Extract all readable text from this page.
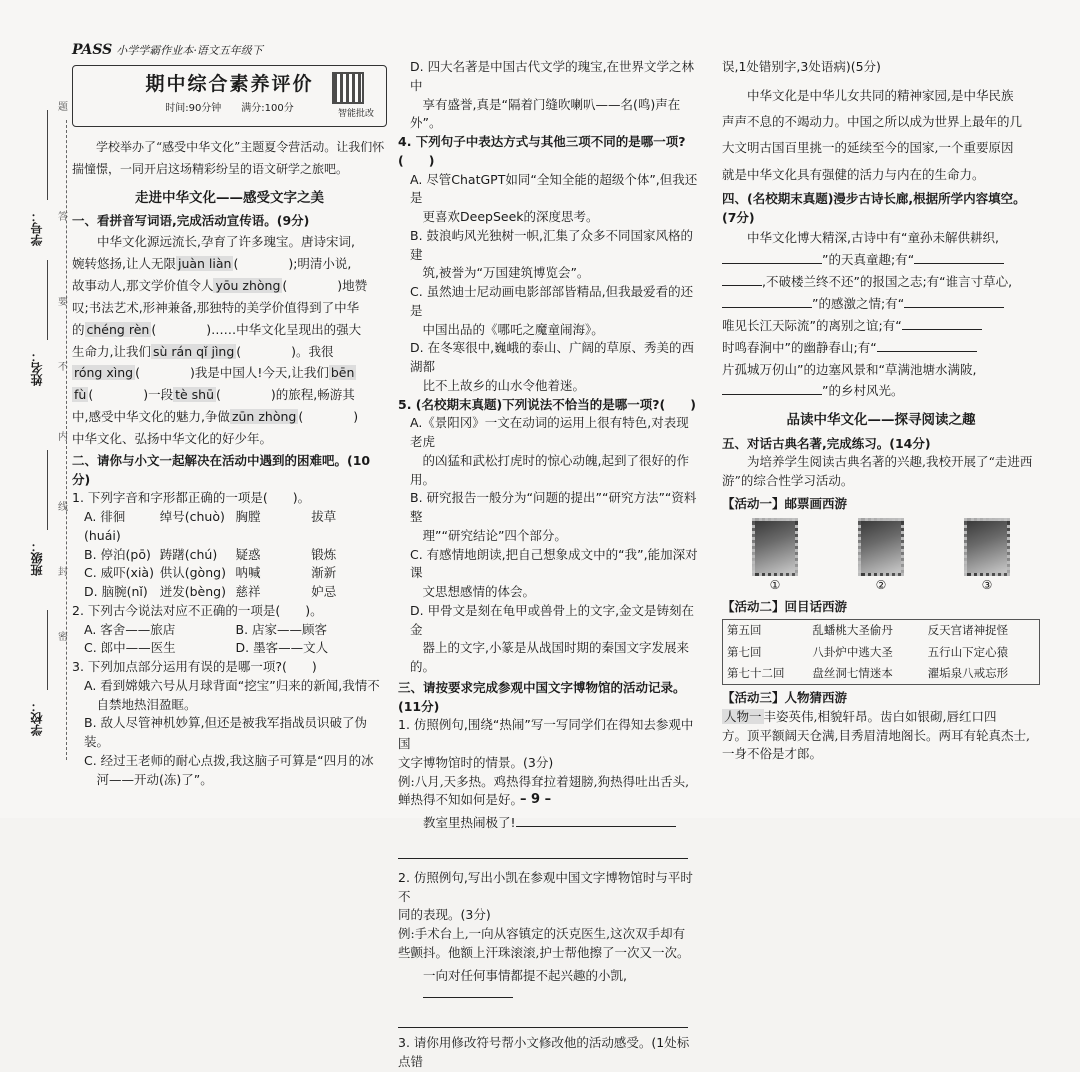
学校：
班级：
姓名：
学号：
题
答
要
不
内
线
封
密
PASS 小学学霸作业本·语文五年级下
期中综合素养评价
时间:90分钟　　满分:100分
智能批改

学校举办了“感受中华文化”主题夏令营活动。让我们怀揣憧憬，一同开启这场精彩纷呈的语文研学之旅吧。

走进中华文化——感受文字之美
一、看拼音写词语,完成活动宣传语。(9分)
中华文化源远流长,孕育了许多瑰宝。唐诗宋词,
婉转悠扬,让人无限 juàn liàn (　　　　);明清小说,
故事动人,那文学价值令人 yōu zhòng (　　　　)地赞
叹;书法艺术,形神兼备,那独特的美学价值得到了中华
的 chéng rèn (　　　　)……中华文化呈现出的强大
生命力,让我们 sù rán qǐ jìng (　　　　)。我很
róng xìng (　　　　)我是中国人!今天,让我们 bēn
fù (　　　　)一段 tè shū (　　　　)的旅程,畅游其
中,感受中华文化的魅力,争做 zūn zhòng (　　　　)
中华文化、弘扬中华文化的好少年。
二、请你与小文一起解决在活动中遇到的困难吧。(10分)
1. 下列字音和字形都正确的一项是(　　)。
A. 徘徊(huái)
绰号(chuò) 胸膛	拔草
B. 停泊(pō) 踌躇(chú)	疑惑	锻炼
C. 威吓(xià) 供认(gòng) 呐喊	渐新
D. 脑腕(nǐ) 迸发(bèng) 慈祥	妒忌
2. 下列古今说法对应不正确的一项是(　　)。
A. 客舍——旅店	B. 店家——顾客
C. 郎中——医生	D. 墨客——文人
3. 下列加点部分运用有误的是哪一项?(　　)
A. 看到嫦娥六号从月球背面“挖宝”归来的新闻,我情不
　自禁地热泪盈眶。
B. 敌人尽管神机妙算,但还是被我军指战员识破了伪装。
C. 经过王老师的耐心点拨,我这脑子可算是“四月的冰
　河——开动(冻)了”。
D. 四大名著是中国古代文学的瑰宝,在世界文学之林中
　享有盛誉,真是“隔着门缝吹喇叭——名(鸣)声在外”。
4. 下列句子中表达方式与其他三项不同的是哪一项?(　　)
A. 尽管ChatGPT如同“全知全能的超级个体”,但我还是
　更喜欢DeepSeek的深度思考。
B. 鼓浪屿风光独树一帜,汇集了众多不同国家风格的建
　筑,被誉为“万国建筑博览会”。
C. 虽然迪士尼动画电影部部皆精品,但我最爱看的还是
　中国出品的《哪吒之魔童闹海》。
D. 在冬寒很中,巍峨的泰山、广阔的草原、秀美的西湖都
　比不上故乡的山水令他着迷。
5. (名校期末真题)下列说法不恰当的是哪一项?(　　)
A.《景阳冈》一文在动词的运用上很有特色,对表现老虎
　的凶猛和武松打虎时的惊心动魄,起到了很好的作用。
B. 研究报告一般分为“问题的提出”“研究方法”“资料整
　理”“研究结论”四个部分。
C. 有感情地朗读,把自己想象成文中的“我”,能加深对课
　文思想感情的体会。
D. 甲骨文是刻在龟甲或兽骨上的文字,金文是铸刻在金
　器上的文字,小篆是从战国时期的秦国文字发展来的。
三、请按要求完成参观中国文字博物馆的活动记录。(11分)
1. 仿照例句,围绕“热闹”写一写同学们在得知去参观中国
文字博物馆时的情景。(3分)
例:八月,天多热。鸡热得耷拉着翅膀,狗热得吐出舌头,
蝉热得不知如何是好。
教室里热闹极了!
2. 仿照例句,写出小凯在参观中国文字博物馆时与平时不
同的表现。(3分)
例:手术台上,一向从容镇定的沃克医生,这次双手却有
些颤抖。他额上汗珠滚滚,护士帮他擦了一次又一次。
一向对任何事情都提不起兴趣的小凯,
3. 请你用修改符号帮小文修改他的活动感受。(1处标点错
误,1处错别字,3处语病)(5分)
中华文化是中华儿女共同的精神家园,是中华民族
声声不息的不竭动力。中国之所以成为世界上最年的几
大文明古国百里挑一的延续至今的国家,一个重要原因
就是中华文化具有强健的活力与内在的生命力。
四、(名校期末真题)漫步古诗长廊,根据所学内容填空。(7分)
中华文化博大精深,古诗中有“童孙未解供耕织,
”的天真童趣;有“
,不破楼兰终不还”的报国之志;有“谁言寸草心,
”的感激之情;有“
唯见长江天际流”的离别之谊;有“
时鸣春涧中”的幽静春山;有“
片孤城万仞山”的边塞风景和“草满池塘水满陂,
”的乡村风光。
品读中华文化——探寻阅读之趣
五、对话古典名著,完成练习。(14分)
为培养学生阅读古典名著的兴趣,我校开展了“走进西
游”的综合性学习活动。
【活动一】邮票画西游
①	②	③
【活动二】回目话西游
第五回	乱蟠桃大圣偷丹	反天宫诸神捉怪
第七回	八卦炉中逃大圣	五行山下定心猿
第七十二回	盘丝洞七情迷本	濯垢泉八戒忘形
【活动三】人物猜西游
人物一 丰姿英伟,相貌轩昂。齿白如银砌,唇红口四
方。顶平额阔天仓满,目秀眉清地阁长。两耳有轮真杰士,
一身不俗是才郎。
– 9 –
